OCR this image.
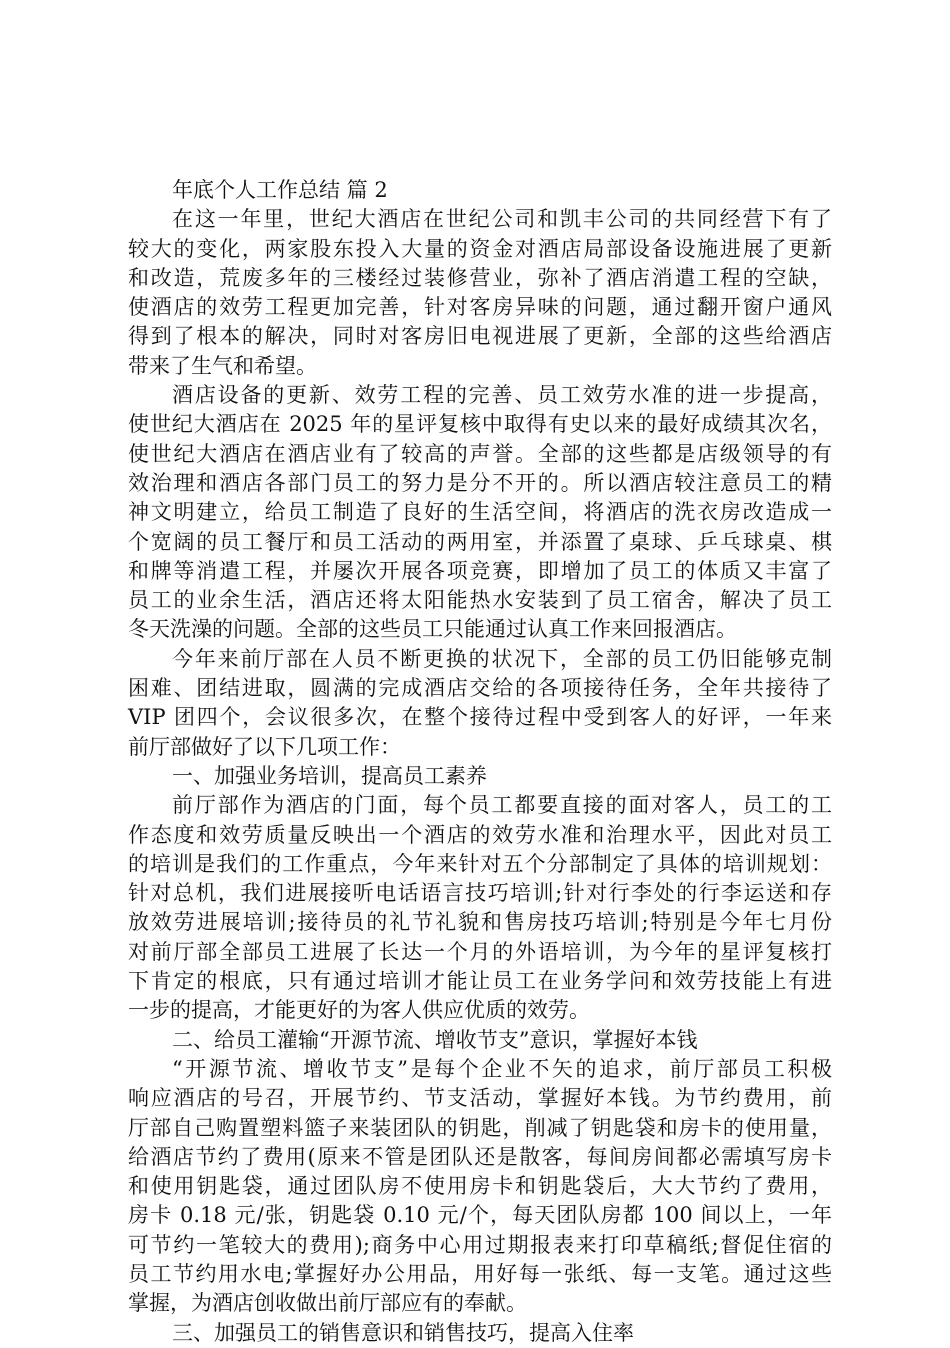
年底个人工作总结 篇 2
在这一年里，世纪大酒店在世纪公司和凯丰公司的共同经营下有了
较大的变化，两家股东投入大量的资金对酒店局部设备设施进展了更新
和改造，荒废多年的三楼经过装修营业，弥补了酒店消遣工程的空缺，
使酒店的效劳工程更加完善，针对客房异味的问题，通过翻开窗户通风
得到了根本的解决，同时对客房旧电视进展了更新，全部的这些给酒店
带来了生气和希望。
酒店设备的更新、效劳工程的完善、员工效劳水准的进一步提高，
使世纪大酒店在 2025 年的星评复核中取得有史以来的最好成绩其次名，
使世纪大酒店在酒店业有了较高的声誉。全部的这些都是店级领导的有
效治理和酒店各部门员工的努力是分不开的。所以酒店较注意员工的精
神文明建立，给员工制造了良好的生活空间，将酒店的洗衣房改造成一
个宽阔的员工餐厅和员工活动的两用室，并添置了桌球、乒乓球桌、棋
和牌等消遣工程，并屡次开展各项竞赛，即增加了员工的体质又丰富了
员工的业余生活，酒店还将太阳能热水安装到了员工宿舍，解决了员工
冬天洗澡的问题。全部的这些员工只能通过认真工作来回报酒店。
今年来前厅部在人员不断更换的状况下，全部的员工仍旧能够克制
困难、团结进取，圆满的完成酒店交给的各项接待任务，全年共接待了
VIP 团四个，会议很多次，在整个接待过程中受到客人的好评，一年来
前厅部做好了以下几项工作：
一、加强业务培训，提高员工素养
前厅部作为酒店的门面，每个员工都要直接的面对客人，员工的工
作态度和效劳质量反映出一个酒店的效劳水准和治理水平，因此对员工
的培训是我们的工作重点，今年来针对五个分部制定了具体的培训规划：
针对总机，我们进展接听电话语言技巧培训;针对行李处的行李运送和存
放效劳进展培训;接待员的礼节礼貌和售房技巧培训;特别是今年七月份
对前厅部全部员工进展了长达一个月的外语培训，为今年的星评复核打
下肯定的根底，只有通过培训才能让员工在业务学问和效劳技能上有进
一步的提高，才能更好的为客人供应优质的效劳。
二、给员工灌输“开源节流、增收节支”意识，掌握好本钱
“开源节流、增收节支”是每个企业不矢的追求，前厅部员工积极
响应酒店的号召，开展节约、节支活动，掌握好本钱。为节约费用，前
厅部自己购置塑料篮子来装团队的钥匙，削减了钥匙袋和房卡的使用量，
给酒店节约了费用(原来不管是团队还是散客，每间房间都必需填写房卡
和使用钥匙袋，通过团队房不使用房卡和钥匙袋后，大大节约了费用，
房卡 0.18 元/张，钥匙袋 0.10 元/个，每天团队房都 100 间以上，一年
可节约一笔较大的费用);商务中心用过期报表来打印草稿纸;督促住宿的
员工节约用水电;掌握好办公用品，用好每一张纸、每一支笔。通过这些
掌握，为酒店创收做出前厅部应有的奉献。
三、加强员工的销售意识和销售技巧，提高入住率
